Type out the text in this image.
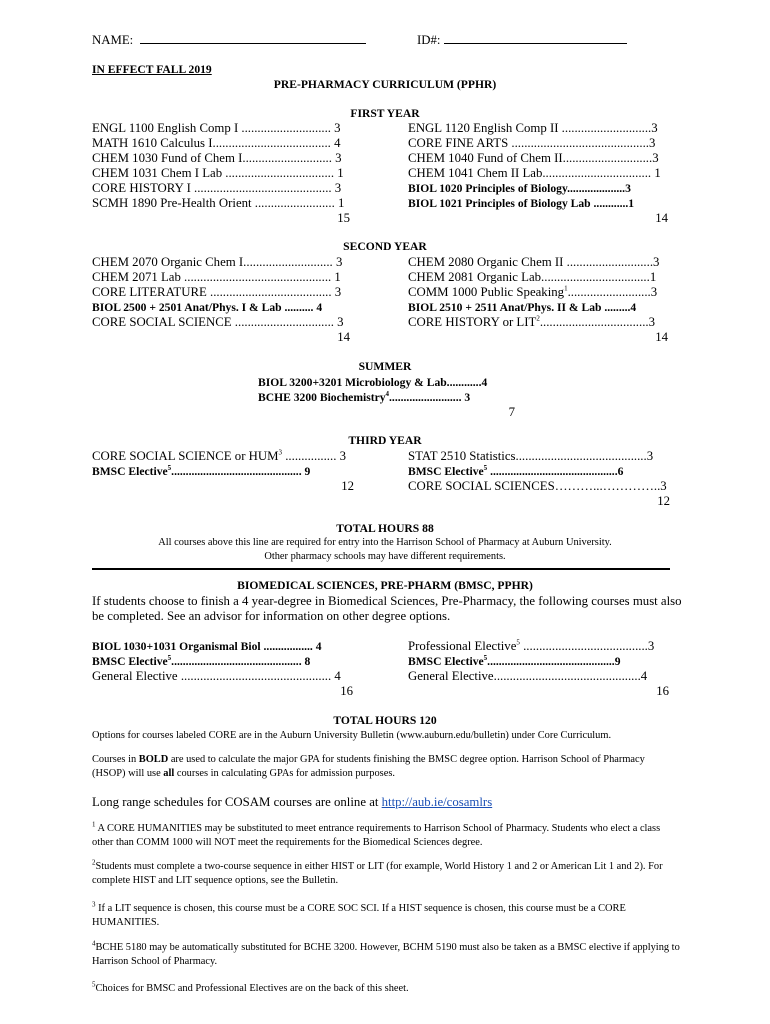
NAME:	ID#:
IN EFFECT FALL 2019
PRE-PHARMACY CURRICULUM (PPHR)
FIRST YEAR
ENGL 1100 English Comp I ............................ 3
MATH 1610 Calculus I..................................... 4
CHEM 1030 Fund of Chem I............................ 3
CHEM 1031 Chem I Lab .................................. 1
CORE HISTORY I ........................................... 3
SCMH 1890 Pre-Health Orient ......................... 1
15
ENGL 1120 English Comp II ............................3
CORE FINE ARTS ...........................................3
CHEM 1040 Fund of Chem II............................3
CHEM 1041 Chem II Lab.................................. 1
BIOL 1020 Principles of Biology....................3
BIOL 1021 Principles of Biology Lab ............1
14
SECOND YEAR
CHEM 2070 Organic Chem I............................ 3
CHEM 2071 Lab .............................................. 1
CORE LITERATURE ...................................... 3
BIOL 2500 + 2501 Anat/Phys. I & Lab .......... 4
CORE SOCIAL SCIENCE ............................... 3
14
CHEM 2080 Organic Chem II ...........................3
CHEM 2081 Organic Lab..................................1
COMM 1000 Public Speaking$^1$..........................3
BIOL 2510 + 2511 Anat/Phys. II & Lab .........4
CORE HISTORY or LIT$^2$..................................3
14
SUMMER
BIOL 3200+3201 Microbiology & Lab............4
BCHE 3200 Biochemistry$^4$......................... 3
7
THIRD YEAR
CORE SOCIAL SCIENCE or HUM$^3$ ................ 3
BMSC Elective$^5$............................................. 9
12
STAT 2510 Statistics.........................................3
BMSC Elective$^5$ ............................................6
CORE SOCIAL SCIENCES………...…………..3
12
TOTAL HOURS 88
All courses above this line are required for entry into the Harrison School of Pharmacy at Auburn University.
Other pharmacy schools may have different requirements.
BIOMEDICAL SCIENCES, PRE-PHARM (BMSC, PPHR)
If students choose to finish a 4 year-degree in Biomedical Sciences, Pre-Pharmacy, the following courses must also be completed. See an advisor for information on other degree options.
BIOL 1030+1031 Organismal Biol ................. 4
BMSC Elective$^5$............................................. 8
General Elective ............................................... 4
16
Professional Elective$^5$ .......................................3
BMSC Elective$^5$............................................9
General Elective..............................................4
16
TOTAL HOURS 120
Options for courses labeled CORE are in the Auburn University Bulletin (www.auburn.edu/bulletin) under Core Curriculum.
Courses in BOLD are used to calculate the major GPA for students finishing the BMSC degree option. Harrison School of Pharmacy (HSOP) will use all courses in calculating GPAs for admission purposes.
Long range schedules for COSAM courses are online at http://aub.ie/cosamlrs
$^1$ A CORE HUMANITIES may be substituted to meet entrance requirements to Harrison School of Pharmacy. Students who elect a class other than COMM 1000 will NOT meet the requirements for the Biomedical Sciences degree.
$^2$Students must complete a two-course sequence in either HIST or LIT (for example, World History 1 and 2 or American Lit 1 and 2). For complete HIST and LIT sequence options, see the Bulletin.
$^3$ If a LIT sequence is chosen, this course must be a CORE SOC SCI. If a HIST sequence is chosen, this course must be a CORE HUMANITIES.
$^4$BCHE 5180 may be automatically substituted for BCHE 3200. However, BCHM 5190 must also be taken as a BMSC elective if applying to Harrison School of Pharmacy.
$^5$Choices for BMSC and Professional Electives are on the back of this sheet.
